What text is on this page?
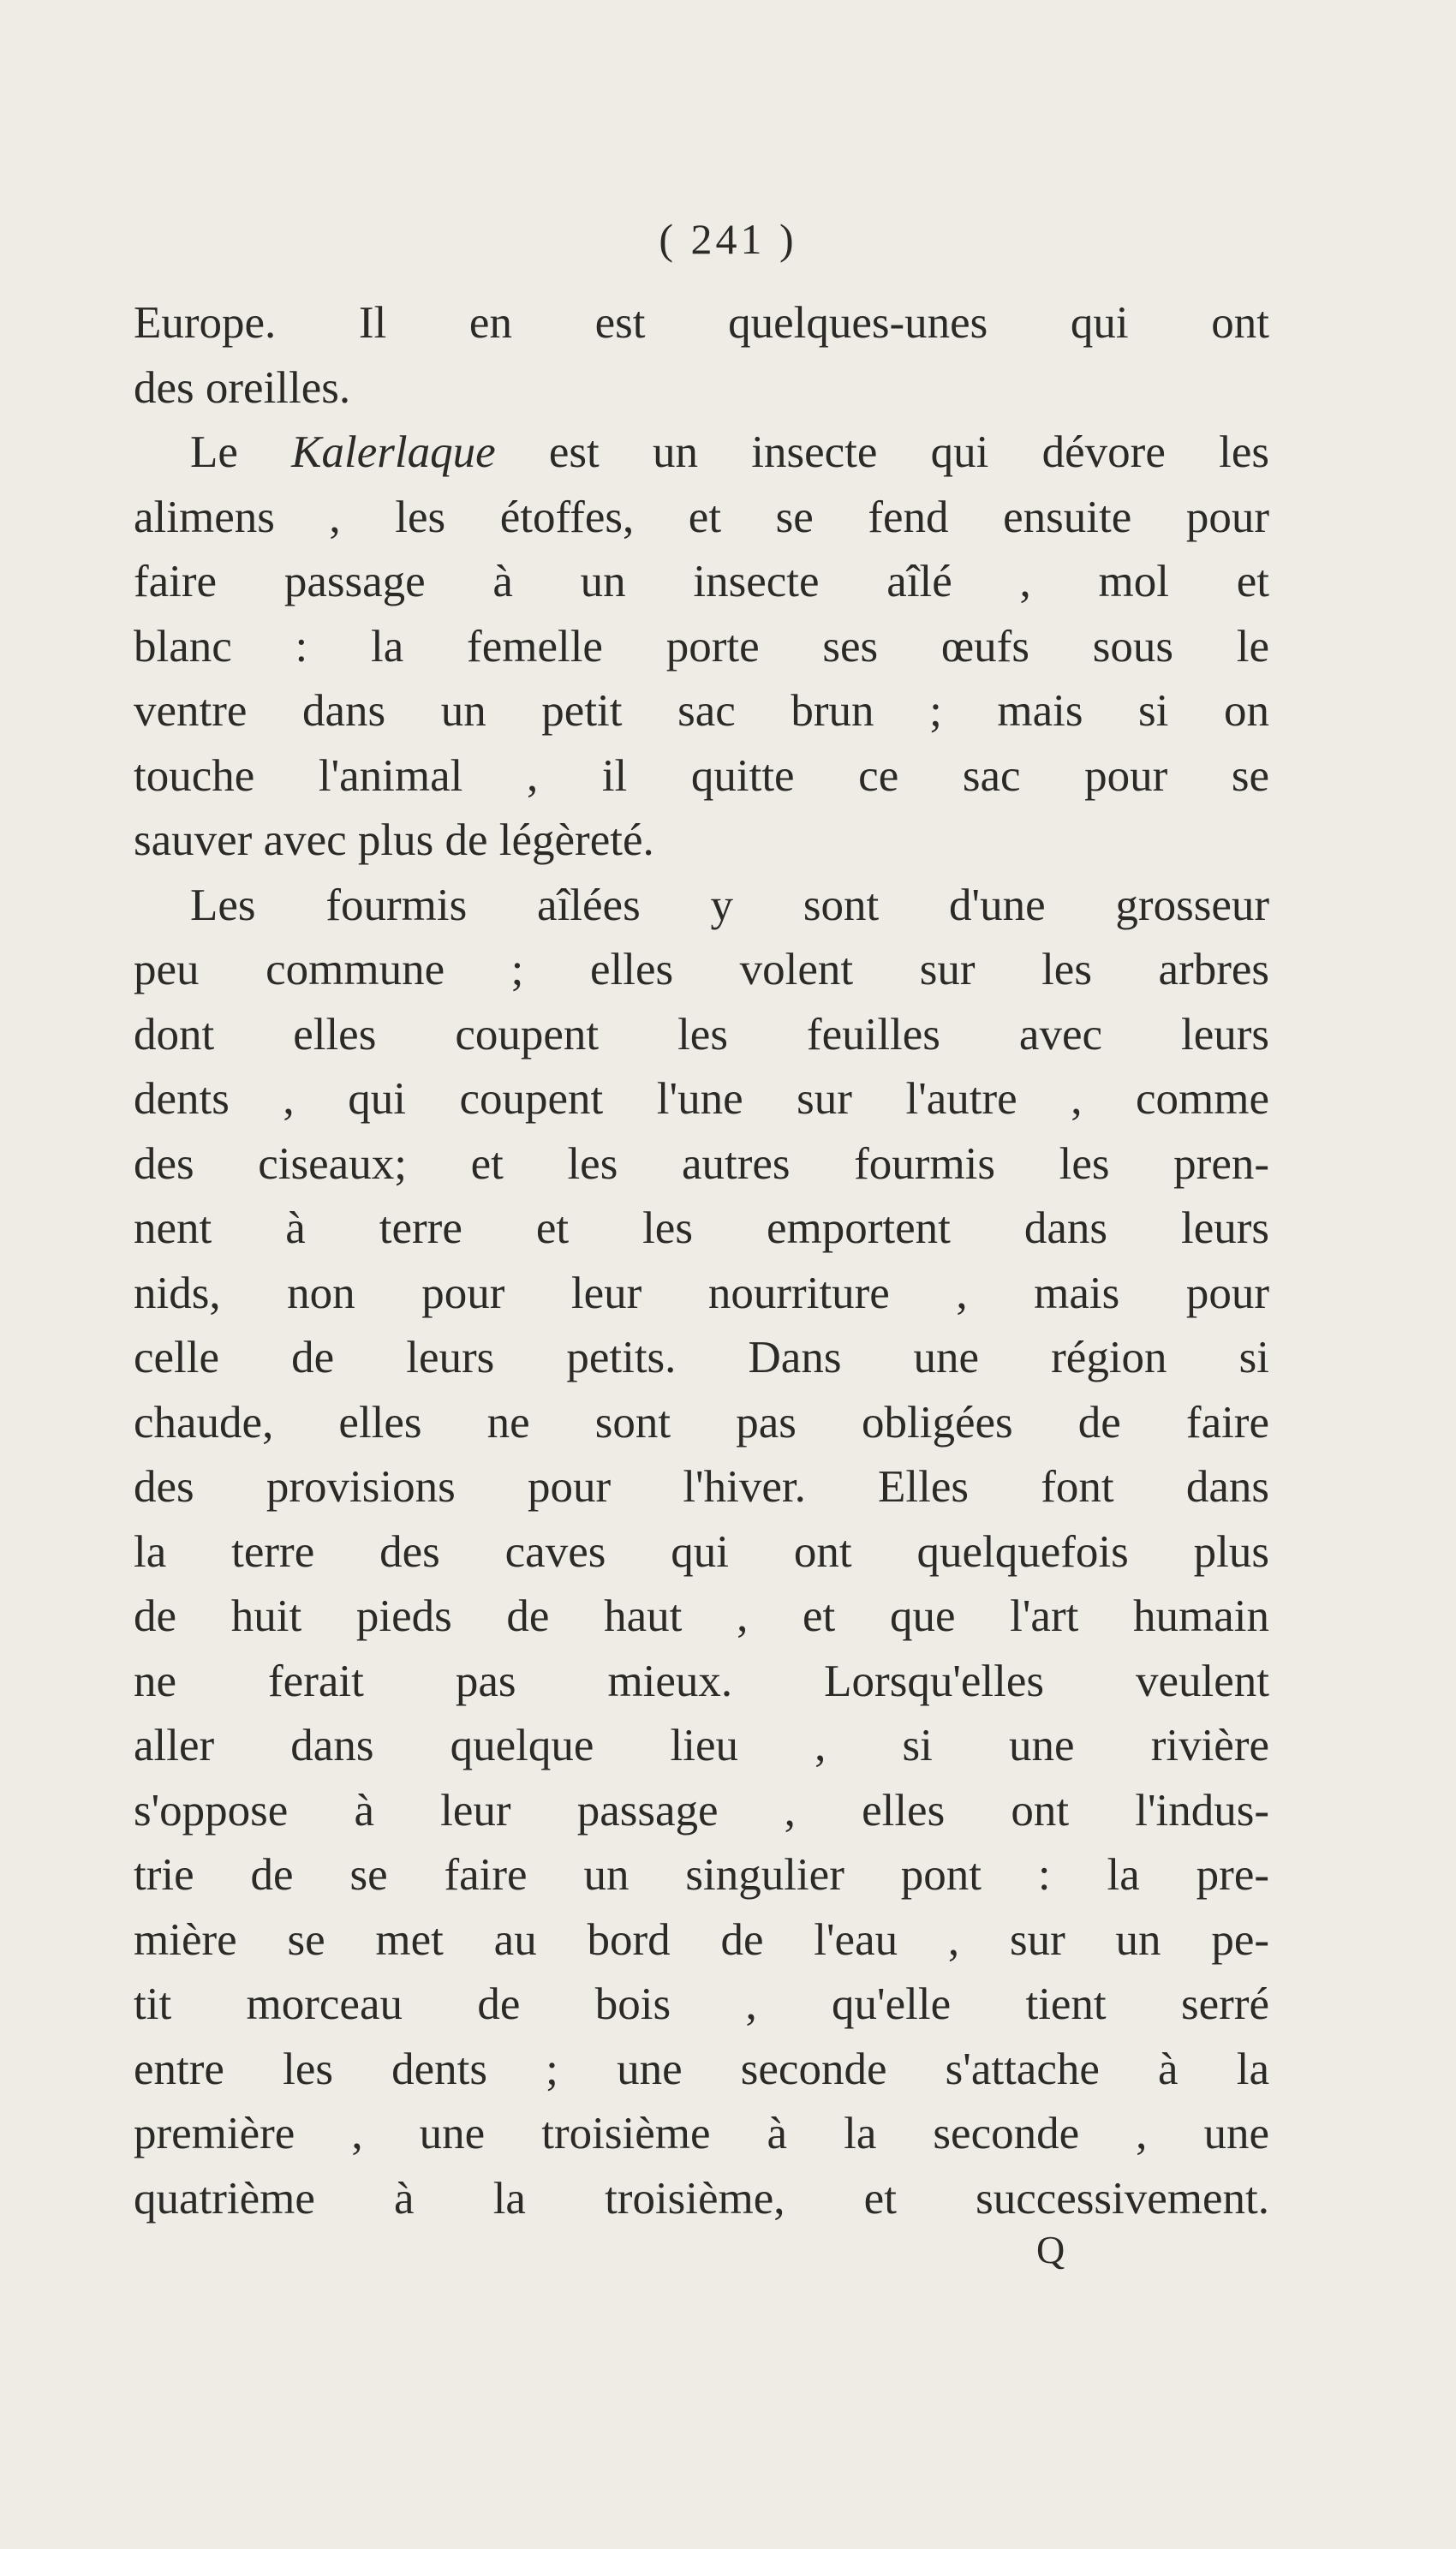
( 241 )
Europe. Il en est quelques-unes qui ont
des oreilles.
Le Kalerlaque est un insecte qui dévore les
alimens , les étoffes, et se fend ensuite pour
faire passage à un insecte aîlé , mol et
blanc : la femelle porte ses œufs sous le
ventre dans un petit sac brun ; mais si on
touche l'animal , il quitte ce sac pour se
sauver avec plus de légèreté.
Les fourmis aîlées y sont d'une grosseur
peu commune ; elles volent sur les arbres
dont elles coupent les feuilles avec leurs
dents , qui coupent l'une sur l'autre , comme
des ciseaux; et les autres fourmis les pren-
nent à terre et les emportent dans leurs
nids, non pour leur nourriture , mais pour
celle de leurs petits. Dans une région si
chaude, elles ne sont pas obligées de faire
des provisions pour l'hiver. Elles font dans
la terre des caves qui ont quelquefois plus
de huit pieds de haut , et que l'art humain
ne ferait pas mieux. Lorsqu'elles veulent
aller dans quelque lieu , si une rivière
s'oppose à leur passage , elles ont l'indus-
trie de se faire un singulier pont : la pre-
mière se met au bord de l'eau , sur un pe-
tit morceau de bois , qu'elle tient serré
entre les dents ; une seconde s'attache à la
première , une troisième à la seconde , une
quatrième à la troisième, et successivement.
Q
